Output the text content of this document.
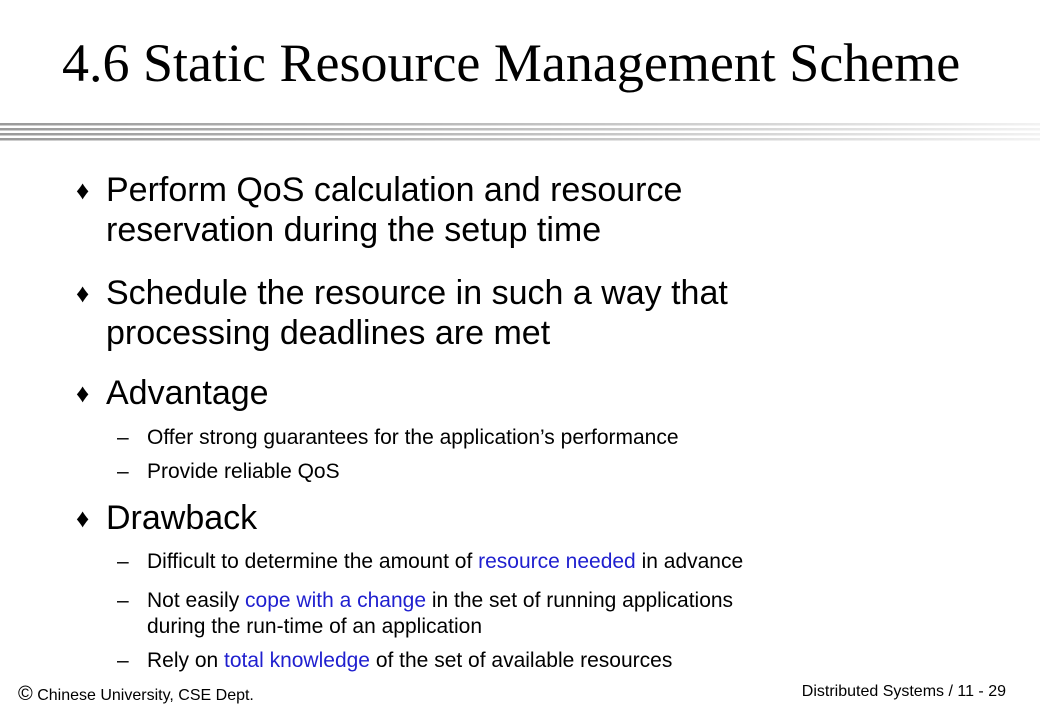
4.6 Static Resource Management Scheme
♦ Perform QoS calculation and resource
reservation during the setup time
♦ Schedule the resource in such a way that
processing deadlines are met
♦ Advantage
– Offer strong guarantees for the application’s performance
– Provide reliable QoS
♦ Drawback
– Difficult to determine the amount of resource needed in advance
– Not easily cope with a change in the set of running applications
during the run-time of an application
– Rely on total knowledge of the set of available resources
© Chinese University, CSE Dept.	Distributed Systems / 11 - 29
